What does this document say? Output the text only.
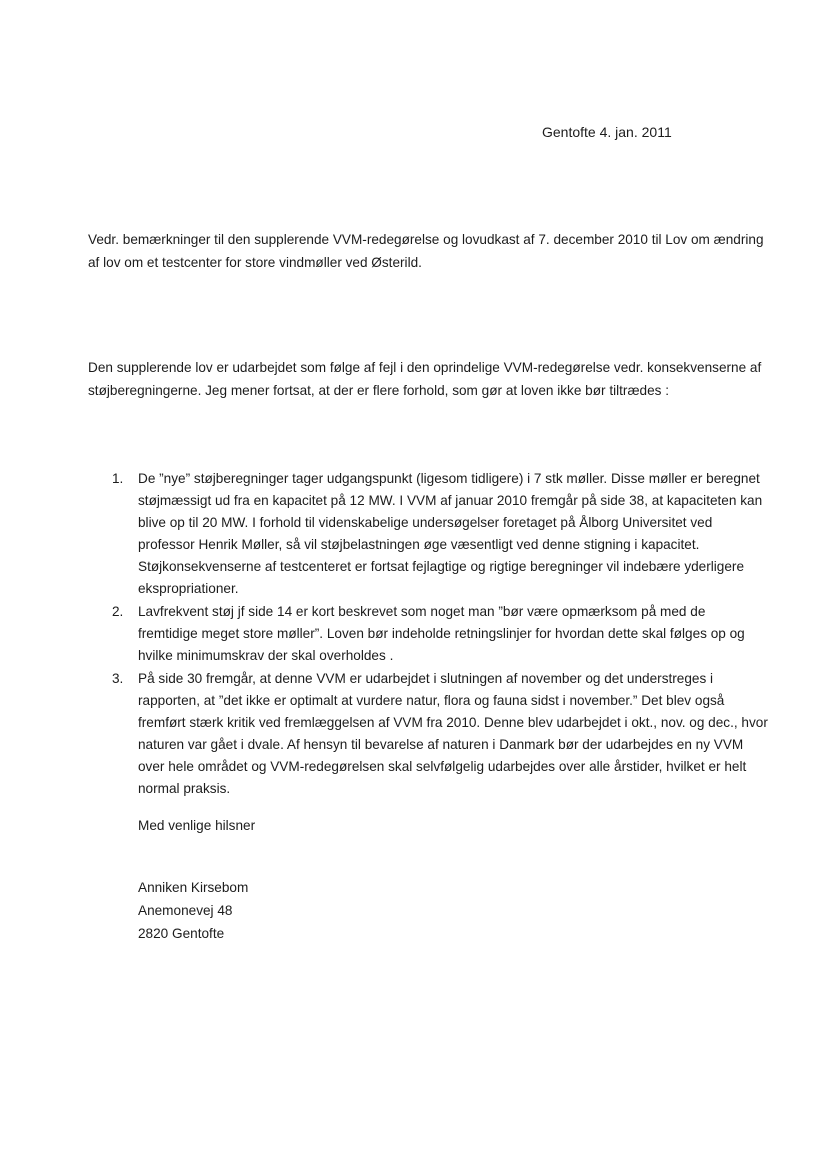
Gentofte 4. jan. 2011
Vedr. bemærkninger til den supplerende VVM-redegørelse og lovudkast af 7. december 2010 til Lov om ændring af lov om et testcenter for store vindmøller ved Østerild.
Den supplerende lov er udarbejdet som følge af fejl i den oprindelige VVM-redegørelse vedr. konsekvenserne af støjberegningerne. Jeg mener fortsat, at der er flere forhold, som gør at loven ikke bør tiltrædes :
1. De ”nye” støjberegninger tager udgangspunkt (ligesom tidligere) i 7 stk møller. Disse møller er beregnet støjmæssigt ud fra en kapacitet på 12 MW. I VVM af januar 2010 fremgår på side 38, at kapaciteten kan blive op til 20 MW. I forhold til videnskabelige undersøgelser foretaget på Ålborg Universitet ved professor Henrik Møller, så vil støjbelastningen øge væsentligt ved denne stigning i kapacitet. Støjkonsekvenserne af testcenteret er fortsat fejlagtige og rigtige beregninger vil indebære yderligere ekspropriationer.
2. Lavfrekvent støj jf side 14 er kort beskrevet som noget man ”bør være opmærksom på med de fremtidige meget store møller”. Loven bør indeholde retningslinjer for hvordan dette skal følges op og hvilke minimumskrav der skal overholdes .
3. På side 30 fremgår, at denne VVM er udarbejdet i slutningen af november og det understreges i rapporten, at ”det ikke er optimalt at vurdere natur, flora og fauna sidst i november.” Det blev også fremført stærk kritik ved fremlæggelsen af VVM fra 2010. Denne blev udarbejdet i okt., nov. og dec., hvor naturen var gået i dvale. Af hensyn til bevarelse af naturen i Danmark bør der udarbejdes en ny VVM over hele området og VVM-redegørelsen skal selvfølgelig udarbejdes over alle årstider, hvilket er helt normal praksis.
Med venlige hilsner
Anniken Kirsebom
Anemonevej 48
2820 Gentofte
